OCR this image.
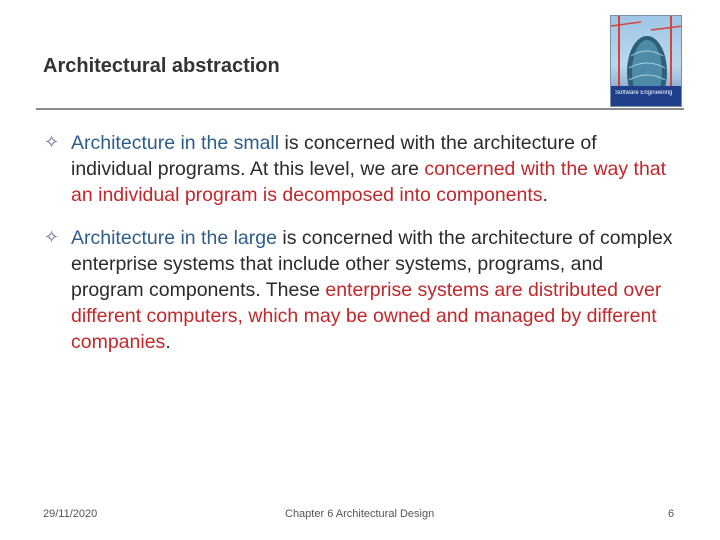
Architectural abstraction
Software Engineering
✧ Architecture in the small is concerned with the architecture of individual programs. At this level, we are concerned with the way that an individual program is decomposed into components.
✧ Architecture in the large is concerned with the architecture of complex enterprise systems that include other systems, programs, and program components. These enterprise systems are distributed over different computers, which may be owned and managed by different companies.
29/11/2020	Chapter 6 Architectural Design	6
